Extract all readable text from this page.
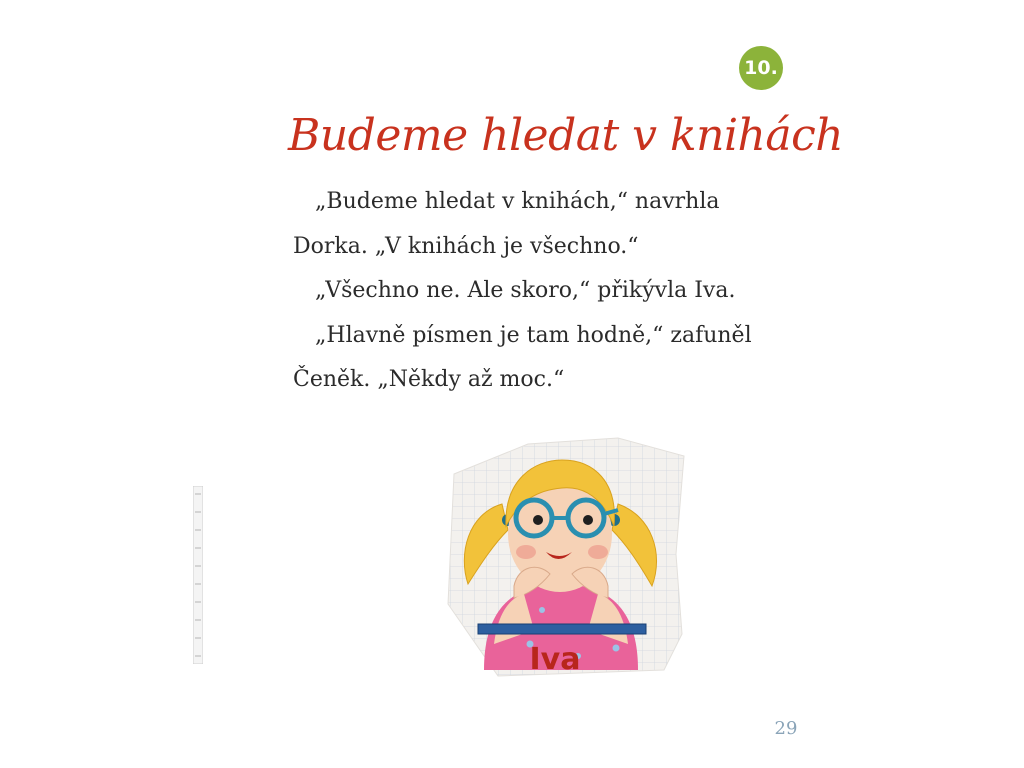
10.
Budeme hledat v knihách

„Budeme hledat v knihách,“ navrhla

Dorka. „V knihách je všechno.“

„Všechno ne. Ale skoro,“ přikývla Iva.

„Hlavně písmen je tam hodně,“ zafuněl

Čeněk. „Někdy až moc.“

Iva
29
